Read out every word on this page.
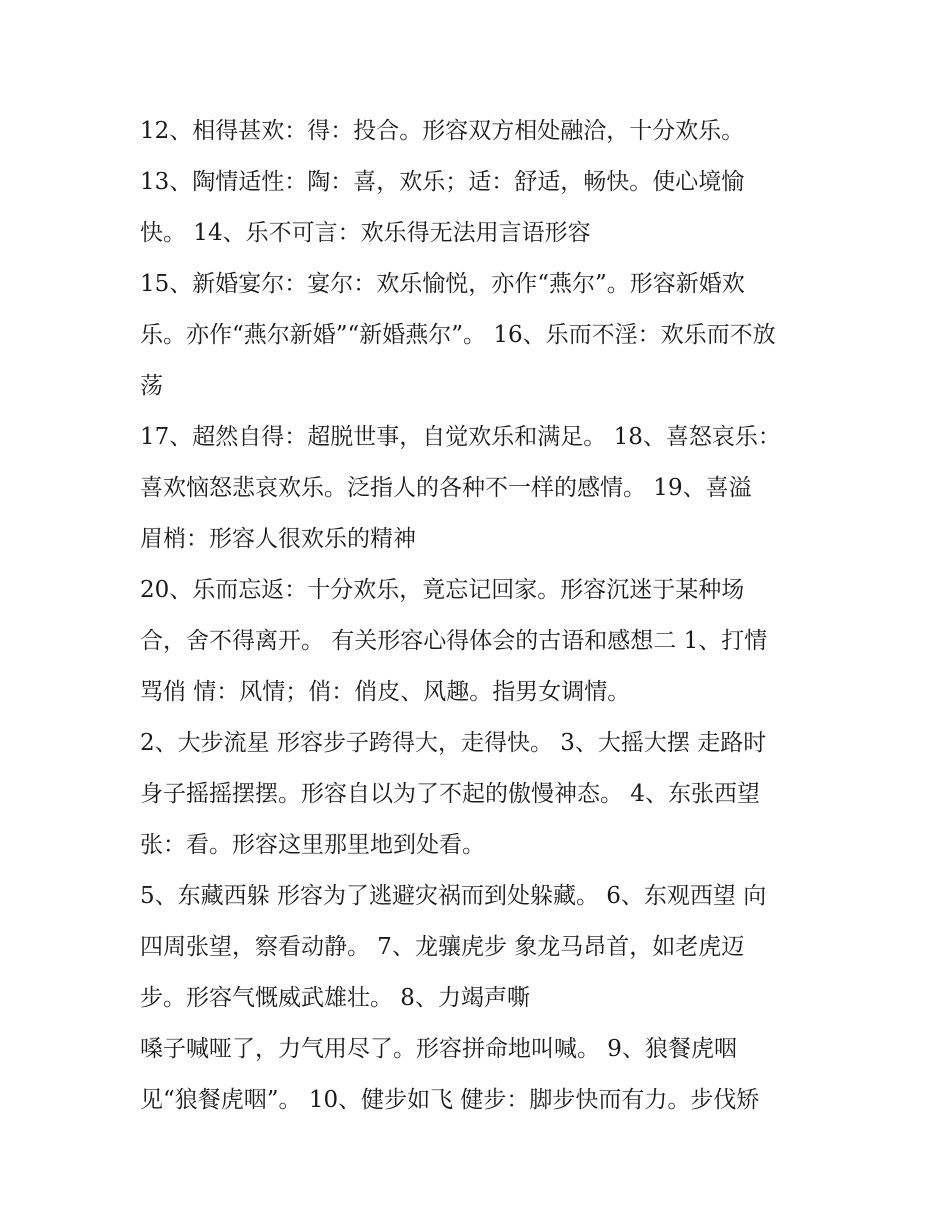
12、相得甚欢：得：投合。形容双方相处融洽，十分欢乐。
13、陶情适性：陶：喜，欢乐；适：舒适，畅快。使心境愉
快。 14、乐不可言：欢乐得无法用言语形容
15、新婚宴尔：宴尔：欢乐愉悦，亦作“燕尔”。形容新婚欢
乐。亦作“燕尔新婚”“新婚燕尔”。 16、乐而不淫：欢乐而不放
荡
17、超然自得：超脱世事，自觉欢乐和满足。 18、喜怒哀乐：
喜欢恼怒悲哀欢乐。泛指人的各种不一样的感情。 19、喜溢
眉梢：形容人很欢乐的精神
20、乐而忘返：十分欢乐，竟忘记回家。形容沉迷于某种场
合，舍不得离开。 有关形容心得体会的古语和感想二 1、打情
骂俏 情：风情；俏：俏皮、风趣。指男女调情。
2、大步流星 形容步子跨得大，走得快。 3、大摇大摆 走路时
身子摇摇摆摆。形容自以为了不起的傲慢神态。 4、东张西望
张：看。形容这里那里地到处看。
5、东藏西躲 形容为了逃避灾祸而到处躲藏。 6、东观西望 向
四周张望，察看动静。 7、龙骧虎步 象龙马昂首，如老虎迈
步。形容气慨威武雄壮。 8、力竭声嘶
嗓子喊哑了，力气用尽了。形容拼命地叫喊。 9、狼餐虎咽
见“狼餐虎咽”。 10、健步如飞 健步：脚步快而有力。步伐矫
